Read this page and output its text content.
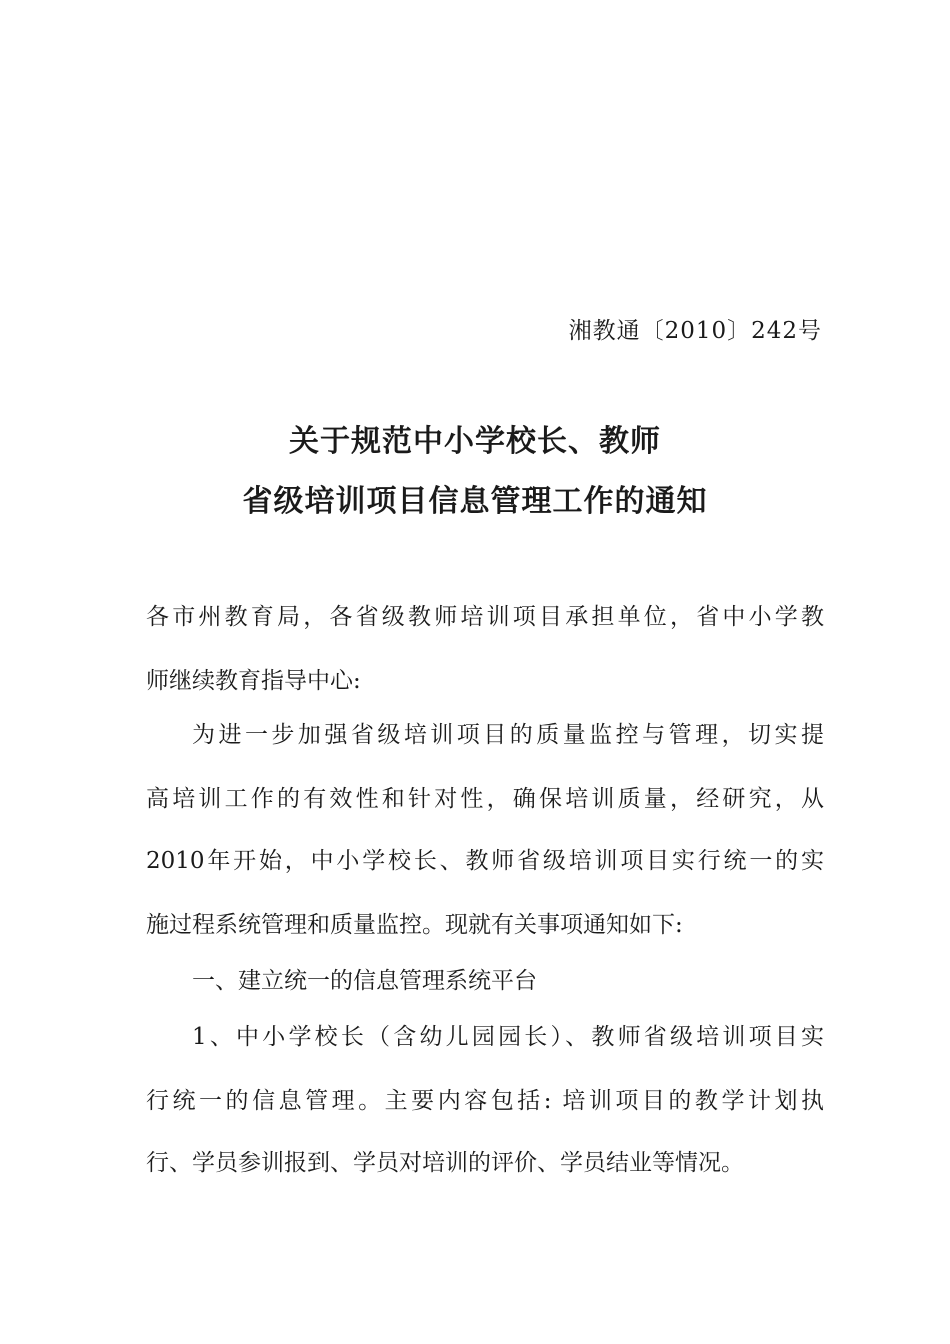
湘教通〔2010〕242号
关于规范中小学校长、教师
省级培训项目信息管理工作的通知
各市州教育局，各省级教师培训项目承担单位，省中小学教
师继续教育指导中心:
为进一步加强省级培训项目的质量监控与管理，切实提
高培训工作的有效性和针对性，确保培训质量，经研究，从
2010年开始，中小学校长、教师省级培训项目实行统一的实
施过程系统管理和质量监控。现就有关事项通知如下:
一、建立统一的信息管理系统平台
1、中小学校长（含幼儿园园长）、教师省级培训项目实
行统一的信息管理。主要内容包括: 培训项目的教学计划执
行、学员参训报到、学员对培训的评价、学员结业等情况。
